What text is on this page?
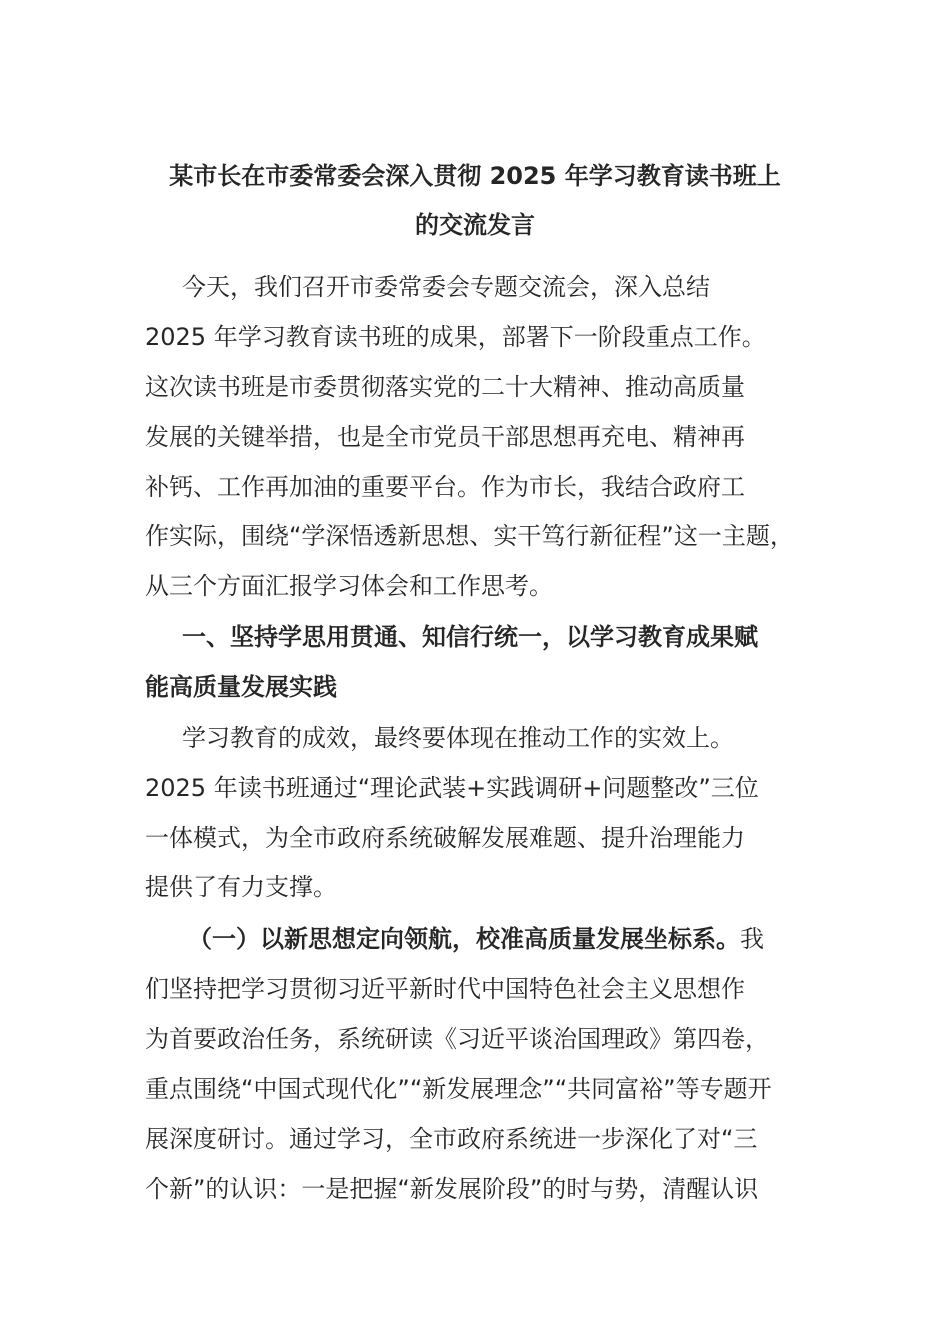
某市长在市委常委会深入贯彻 2025 年学习教育读书班上
的交流发言
今天，我们召开市委常委会专题交流会，深入总结
2025 年学习教育读书班的成果，部署下一阶段重点工作。
这次读书班是市委贯彻落实党的二十大精神、推动高质量
发展的关键举措，也是全市党员干部思想再充电、精神再
补钙、工作再加油的重要平台。作为市长，我结合政府工
作实际，围绕“学深悟透新思想、实干笃行新征程”这一主题，
从三个方面汇报学习体会和工作思考。
一、坚持学思用贯通、知信行统一，以学习教育成果赋
能高质量发展实践
学习教育的成效，最终要体现在推动工作的实效上。
2025 年读书班通过“理论武装+实践调研+问题整改”三位
一体模式，为全市政府系统破解发展难题、提升治理能力
提供了有力支撑。
（一）以新思想定向领航，校准高质量发展坐标系。我
们坚持把学习贯彻习近平新时代中国特色社会主义思想作
为首要政治任务，系统研读《习近平谈治国理政》第四卷，
重点围绕“中国式现代化”“新发展理念”“共同富裕”等专题开
展深度研讨。通过学习，全市政府系统进一步深化了对“三
个新”的认识：一是把握“新发展阶段”的时与势，清醒认识
